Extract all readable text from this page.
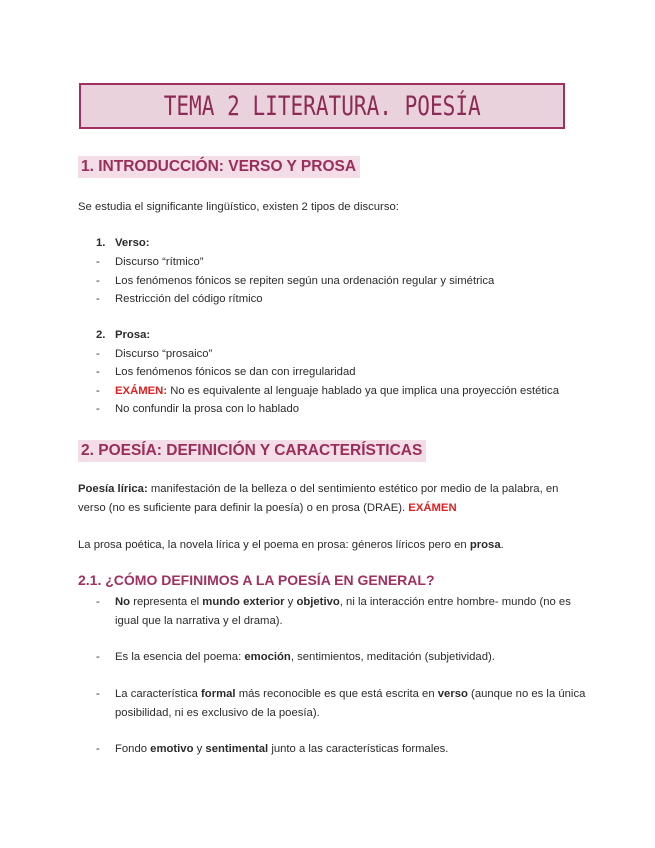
TEMA 2 LITERATURA. POESÍA
1. INTRODUCCIÓN: VERSO Y PROSA
Se estudia el significante lingüístico, existen 2 tipos de discurso:
1. Verso:
- Discurso “rítmico”
- Los fenómenos fónicos se repiten según una ordenación regular y simétrica
- Restricción del código rítmico
2. Prosa:
- Discurso “prosaico”
- Los fenómenos fónicos se dan con irregularidad
- EXÁMEN: No es equivalente al lenguaje hablado ya que implica una proyección estética
- No confundir la prosa con lo hablado
2. POESÍA: DEFINICIÓN Y CARACTERÍSTICAS
Poesía lírica: manifestación de la belleza o del sentimiento estético por medio de la palabra, en verso (no es suficiente para definir la poesía) o en prosa (DRAE). EXÁMEN
La prosa poética, la novela lírica y el poema en prosa: géneros líricos pero en prosa.
2.1. ¿CÓMO DEFINIMOS A LA POESÍA EN GENERAL?
- No representa el mundo exterior y objetivo, ni la interacción entre hombre- mundo (no es igual que la narrativa y el drama).
- Es la esencia del poema: emoción, sentimientos, meditación (subjetividad).
- La característica formal más reconocible es que está escrita en verso (aunque no es la única posibilidad, ni es exclusivo de la poesía).
- Fondo emotivo y sentimental junto a las características formales.
